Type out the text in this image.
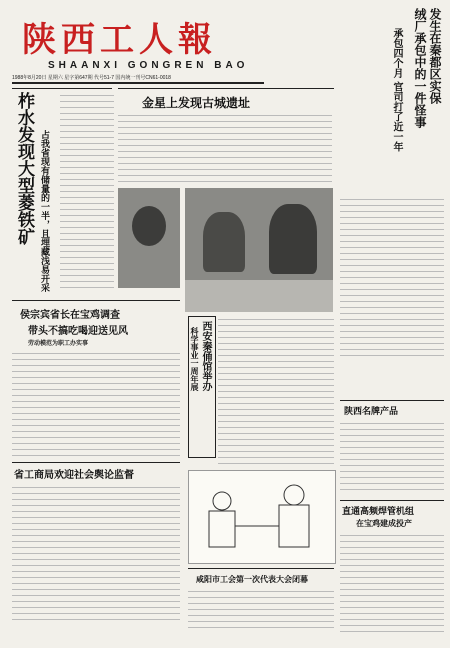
陕西工人報
SHAANXI GONGREN BAO
1988年8月20日 星期六 星字第647期 代号51-7 国内统一刊号CN61-0018	发生在秦都区实保
绒厂承包中的一件怪事
承包四个月 官司打了近一年
柞水发现大型菱铁矿 占我省现有储量的一半，且埋藏浅易开采
金星上发现古城遗址
侯宗宾省长在宝鸡调查
带头不搞吃喝迎送见风
劳动模范为职工办实事
省工商局欢迎社会舆论监督
西安秦俑馆举办
科学事业一周年展
咸阳市工会第一次代表大会闭幕
陕西名牌产品
直通高频焊管机组
在宝鸡建成投产
